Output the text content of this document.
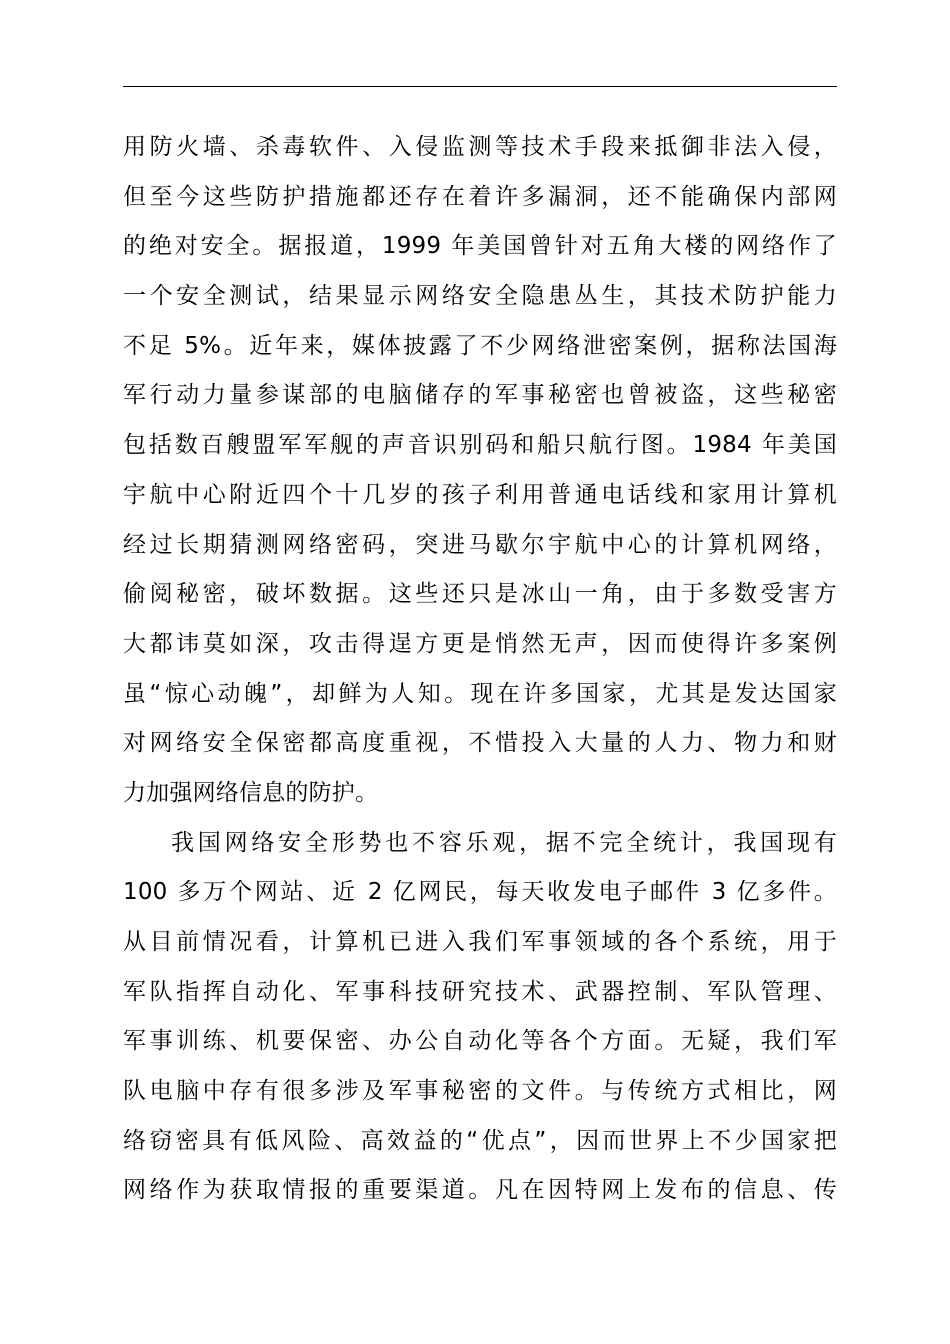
用防火墙、杀毒软件、入侵监测等技术手段来抵御非法入侵，
但至今这些防护措施都还存在着许多漏洞，还不能确保内部网
的绝对安全。据报道，1999 年美国曾针对五角大楼的网络作了
一个安全测试，结果显示网络安全隐患丛生，其技术防护能力
不足 5%。近年来，媒体披露了不少网络泄密案例，据称法国海
军行动力量参谋部的电脑储存的军事秘密也曾被盗，这些秘密
包括数百艘盟军军舰的声音识别码和船只航行图。1984 年美国
宇航中心附近四个十几岁的孩子利用普通电话线和家用计算机
经过长期猜测网络密码，突进马歇尔宇航中心的计算机网络，
偷阅秘密，破坏数据。这些还只是冰山一角，由于多数受害方
大都讳莫如深，攻击得逞方更是悄然无声，因而使得许多案例
虽“惊心动魄”，却鲜为人知。现在许多国家，尤其是发达国家
对网络安全保密都高度重视，不惜投入大量的人力、物力和财
力加强网络信息的防护。
我国网络安全形势也不容乐观，据不完全统计，我国现有
100 多万个网站、近 2 亿网民，每天收发电子邮件 3 亿多件。
从目前情况看，计算机已进入我们军事领域的各个系统，用于
军队指挥自动化、军事科技研究技术、武器控制、军队管理、
军事训练、机要保密、办公自动化等各个方面。无疑，我们军
队电脑中存有很多涉及军事秘密的文件。与传统方式相比，网
络窃密具有低风险、高效益的“优点”，因而世界上不少国家把
网络作为获取情报的重要渠道。凡在因特网上发布的信息、传
